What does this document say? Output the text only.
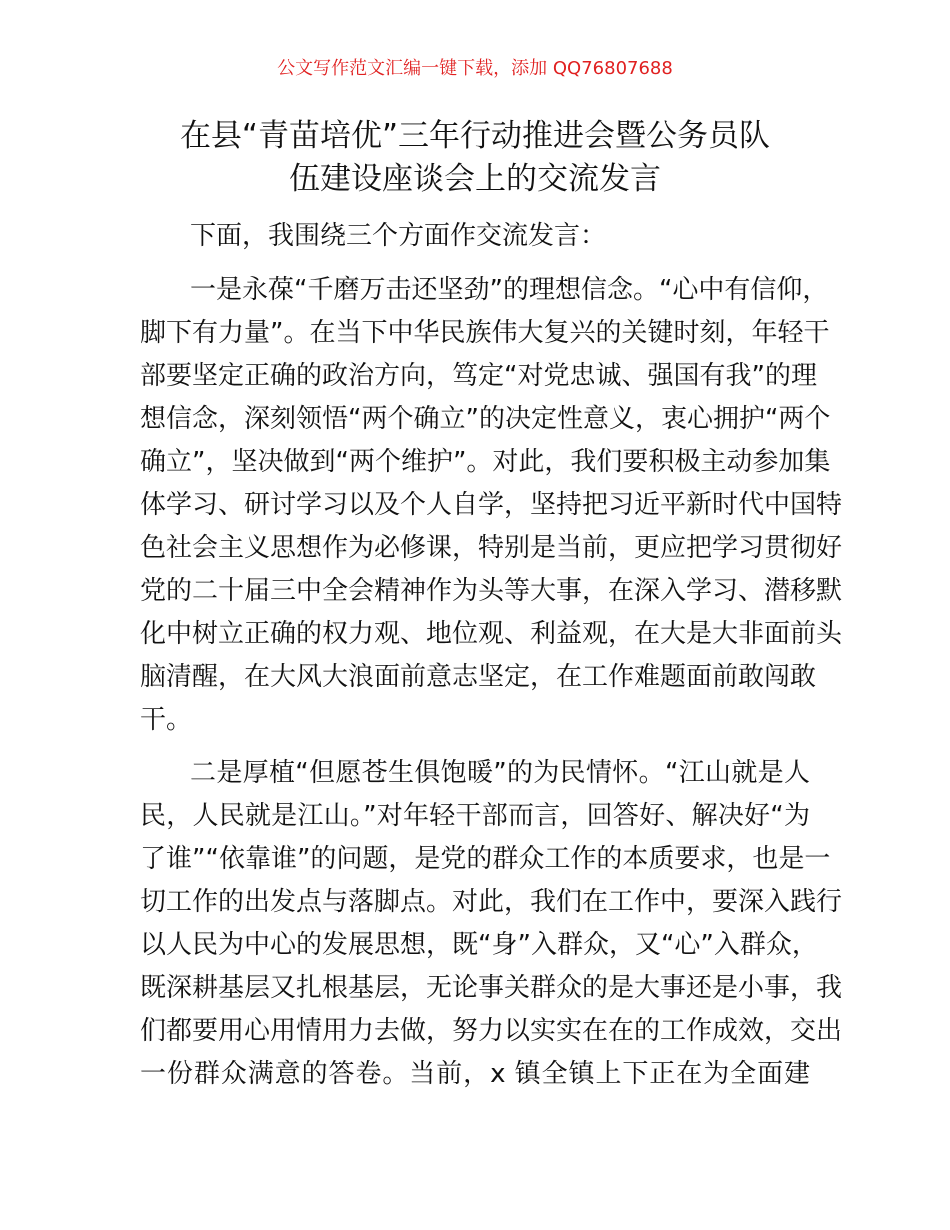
公文写作范文汇编一键下载，添加 QQ76807688
在县“青苗培优”三年行动推进会暨公务员队
伍建设座谈会上的交流发言
下面，我围绕三个方面作交流发言：
一是永葆“千磨万击还坚劲”的理想信念。“心中有信仰，
脚下有力量”。在当下中华民族伟大复兴的关键时刻，年轻干
部要坚定正确的政治方向，笃定“对党忠诚、强国有我”的理
想信念，深刻领悟“两个确立”的决定性意义，衷心拥护“两个
确立”，坚决做到“两个维护”。对此，我们要积极主动参加集
体学习、研讨学习以及个人自学，坚持把习近平新时代中国特
色社会主义思想作为必修课，特别是当前，更应把学习贯彻好
党的二十届三中全会精神作为头等大事，在深入学习、潜移默
化中树立正确的权力观、地位观、利益观，在大是大非面前头
脑清醒，在大风大浪面前意志坚定，在工作难题面前敢闯敢
干。
二是厚植“但愿苍生俱饱暖”的为民情怀。“江山就是人
民，人民就是江山。”对年轻干部而言，回答好、解决好“为
了谁”“依靠谁”的问题，是党的群众工作的本质要求，也是一
切工作的出发点与落脚点。对此，我们在工作中，要深入践行
以人民为中心的发展思想，既“身”入群众，又“心”入群众，
既深耕基层又扎根基层，无论事关群众的是大事还是小事，我
们都要用心用情用力去做，努力以实实在在的工作成效，交出
一份群众满意的答卷。当前，x 镇全镇上下正在为全面建
